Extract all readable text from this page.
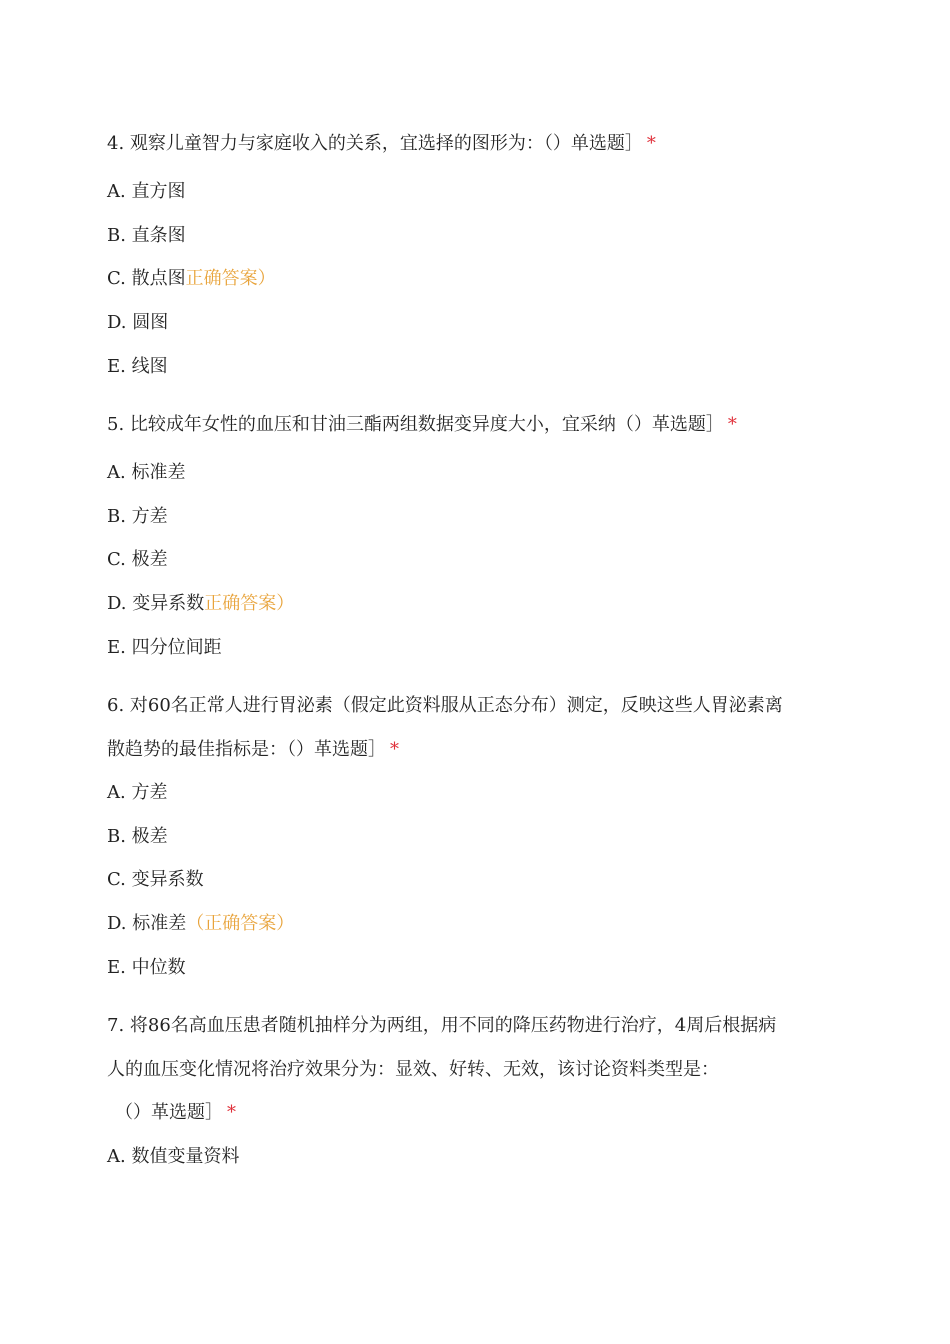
4. 观察儿童智力与家庭收入的关系，宜选择的图形为：（）单选题］ *
A. 直方图
B. 直条图
C. 散点图正确答案）
D. 圆图
E. 线图
5. 比较成年女性的血压和甘油三酯两组数据变异度大小，宜采纳（）革选题］ *
A. 标准差
B. 方差
C. 极差
D. 变异系数正确答案）
E. 四分位间距
6. 对60名正常人进行胃泌素（假定此资料服从正态分布）测定，反映这些人胃泌素离
散趋势的最佳指标是：（）革选题］ *
A. 方差
B. 极差
C. 变异系数
D. 标准差（正确答案）
E. 中位数
7. 将86名高血压患者随机抽样分为两组，用不同的降压药物进行治疗，4周后根据病
人的血压变化情况将治疗效果分为：显效、好转、无效，该讨论资料类型是：
（）革选题］ *
A. 数值变量资料
